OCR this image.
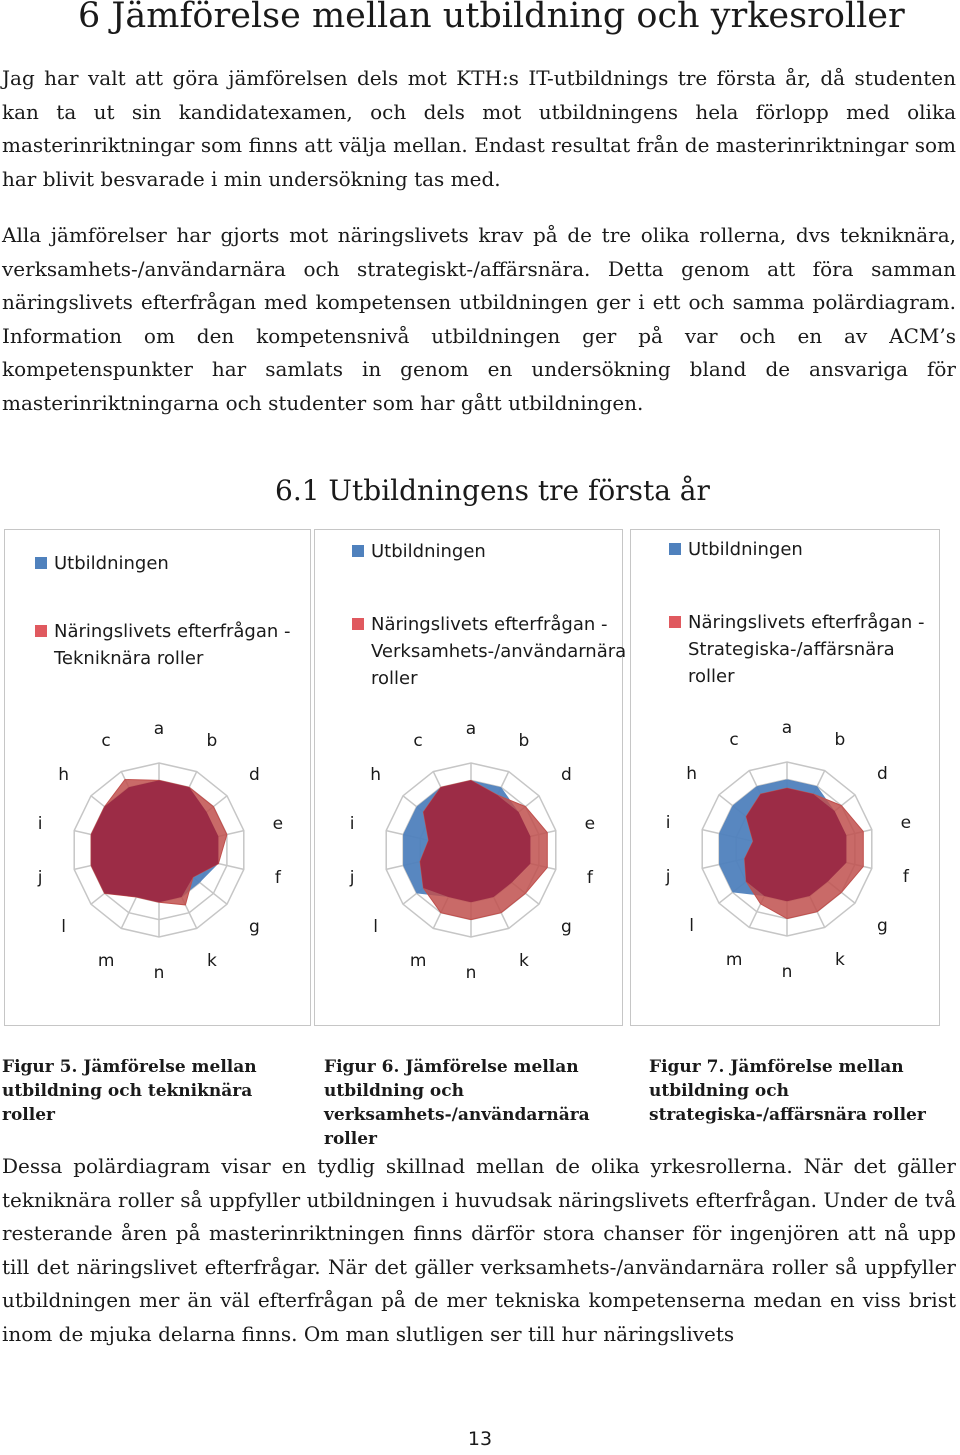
6 Jämförelse mellan utbildning och yrkesroller

Jag har valt att göra jämförelsen dels mot KTH:s IT-utbildnings tre första år, då studenten kan ta ut sin kandidatexamen, och dels mot utbildningens hela förlopp med olika masterinriktningar som finns att välja mellan. Endast resultat från de masterinriktningar som har blivit besvarade i min undersökning tas med.

Alla jämförelser har gjorts mot näringslivets krav på de tre olika rollerna, dvs tekniknära, verksamhets-/användarnära och strategiskt-/affärsnära. Detta genom att föra samman näringslivets efterfrågan med kompetensen utbildningen ger i ett och samma polärdiagram. Information om den kompetensnivå utbildningen ger på var och en av ACM’s kompetenspunkter har samlats in genom en undersökning bland de ansvariga för masterinriktningarna och studenter som har gått utbildningen.

6.1 Utbildningens tre första år
Utbildningen
Näringslivets efterfrågan - Tekniknära roller
a
b
d
e
f
g
k
n
m
l
j
i
h
c
Utbildningen
Näringslivets efterfrågan - Verksamhets-/användarnära roller
a
b
d
e
f
g
k
n
m
l
j
i
h
c
Utbildningen
Näringslivets efterfrågan - Strategiska-/affärsnära roller
a
b
d
e
f
g
k
n
m
l
j
i
h
c
Figur 5. Jämförelse mellan utbildning och tekniknära roller
Figur 6. Jämförelse mellan utbildning och verksamhets-/användarnära roller
Figur 7. Jämförelse mellan utbildning och strategiska-/affärsnära roller

Dessa polärdiagram visar en tydlig skillnad mellan de olika yrkesrollerna. När det gäller tekniknära roller så uppfyller utbildningen i huvudsak näringslivets efterfrågan. Under de två resterande åren på masterinriktningen finns därför stora chanser för ingenjören att nå upp till det näringslivet efterfrågar. När det gäller verksamhets-/användarnära roller så uppfyller utbildningen mer än väl efterfrågan på de mer tekniska kompetenserna medan en viss brist inom de mjuka delarna finns. Om man slutligen ser till hur näringslivets

13
